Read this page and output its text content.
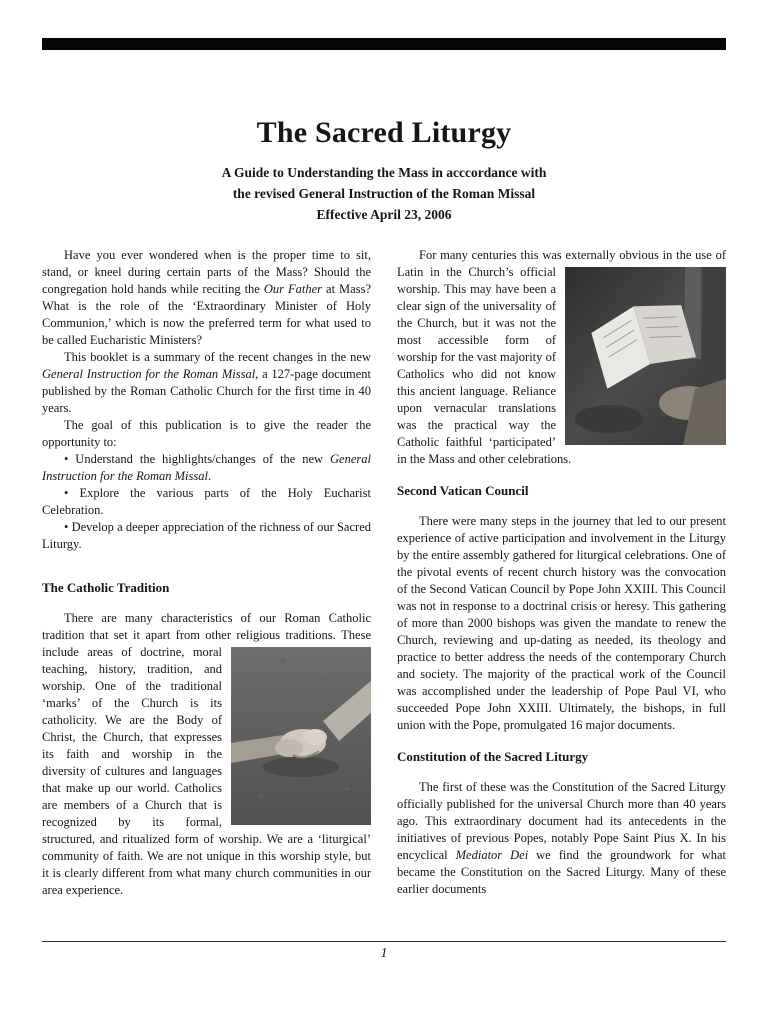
The Sacred Liturgy
A Guide to Understanding the Mass in acccordance with
the revised General Instruction of the Roman Missal
Effective April 23, 2006

Have you ever wondered when is the proper time to sit, stand, or kneel during certain parts of the Mass? Should the congregation hold hands while reciting the Our Father at Mass? What is the role of the ‘Extraordinary Minister of Holy Communion,’ which is now the preferred term for what used to be called Eucharistic Ministers?

This booklet is a summary of the recent changes in the new General Instruction for the Roman Missal, a 127-page document published by the Roman Catholic Church for the first time in 40 years.

The goal of this publication is to give the reader the opportunity to:

• Understand the highlights/changes of the new General Instruction for the Roman Missal.

• Explore the various parts of the Holy Eucharist Celebration.

• Develop a deeper appreciation of the richness of our Sacred Liturgy.

The Catholic Tradition

There are many characteristics of our Roman Catholic tradition that set it apart from other religious traditions.
These include areas of doctrine, moral teaching, history, tradition, and worship. One of the traditional ‘marks’ of the Church is its catholicity. We are the Body of Christ, the Church, that expresses its faith and worship in the diversity of cultures and languages that make up our world. Catholics are members of a Church that is recognized by its formal, structured, and ritualized form of worship. We are a ‘liturgical’ community of faith. We are not unique in this worship style, but it is clearly different from what many church communities in our area experience.

For many centuries this was externally obvious in the
use of Latin in the Church’s official worship. This may have been a clear sign of the universality of the Church, but it was not the most accessible form of worship for the vast majority of Catholics who did not know this ancient language. Reliance upon vernacular translations was the practical way the Catholic faithful ‘participated’ in the Mass and other celebrations.

Second Vatican Council

There were many steps in the journey that led to our present experience of active participation and involvement in the Liturgy by the entire assembly gathered for liturgical celebrations. One of the pivotal events of recent church history was the convocation of the Second Vatican Council by Pope John XXIII. This Council was not in response to a doctrinal crisis or heresy. This gathering of more than 2000 bishops was given the mandate to renew the Church, reviewing and up-dating as needed, its theology and practice to better address the needs of the contemporary Church and society. The majority of the practical work of the Council was accomplished under the leadership of Pope Paul VI, who succeeded Pope John XXIII. Ultimately, the bishops, in full union with the Pope, promulgated 16 major documents.

Constitution of the Sacred Liturgy

The first of these was the Constitution of the Sacred Liturgy officially published for the universal Church more than 40 years ago. This extraordinary document had its antecedents in the initiatives of previous Popes, notably Pope Saint Pius X. In his encyclical Mediator Dei we find the groundwork for what became the Constitution on the Sacred Liturgy. Many of these earlier documents

1
